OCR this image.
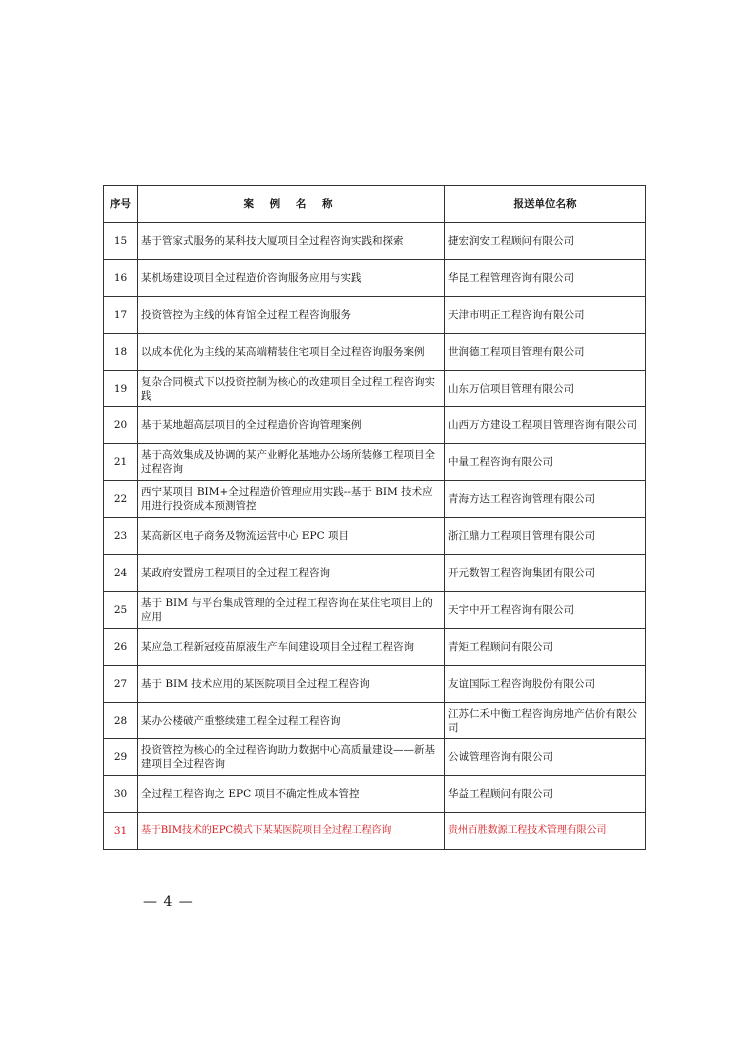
序号	案 例 名 称	报送单位名称
15	基于管家式服务的某科技大厦项目全过程咨询实践和探索	捷宏润安工程顾问有限公司
16	某机场建设项目全过程造价咨询服务应用与实践	华昆工程管理咨询有限公司
17	投资管控为主线的体育馆全过程工程咨询服务	天津市明正工程咨询有限公司
18	以成本优化为主线的某高端精装住宅项目全过程咨询服务案例	世润德工程项目管理有限公司
19	复杂合同模式下以投资控制为核心的改建项目全过程工程咨询实践	山东万信项目管理有限公司
20	基于某地超高层项目的全过程造价咨询管理案例	山西万方建设工程项目管理咨询有限公司
21	基于高效集成及协调的某产业孵化基地办公场所装修工程项目全过程咨询	中量工程咨询有限公司
22	西宁某项目 BIM+全过程造价管理应用实践--基于 BIM 技术应用进行投资成本预测管控	青海方达工程咨询管理有限公司
23	某高新区电子商务及物流运营中心 EPC 项目	浙江鼎力工程项目管理有限公司
24	某政府安置房工程项目的全过程工程咨询	开元数智工程咨询集团有限公司
25	基于 BIM 与平台集成管理的全过程工程咨询在某住宅项目上的应用	天宇中开工程咨询有限公司
26	某应急工程新冠疫苗原液生产车间建设项目全过程工程咨询	青矩工程顾问有限公司
27	基于 BIM 技术应用的某医院项目全过程工程咨询	友谊国际工程咨询股份有限公司
28	某办公楼破产重整续建工程全过程工程咨询	江苏仁禾中衡工程咨询房地产估价有限公司
29	投资管控为核心的全过程咨询助力数据中心高质量建设——新基建项目全过程咨询	公诚管理咨询有限公司
30	全过程工程咨询之 EPC 项目不确定性成本管控	华益工程顾问有限公司
31	基于BIM技术的EPC模式下某某医院项目全过程工程咨询	贵州百胜数源工程技术管理有限公司
— 4 —
